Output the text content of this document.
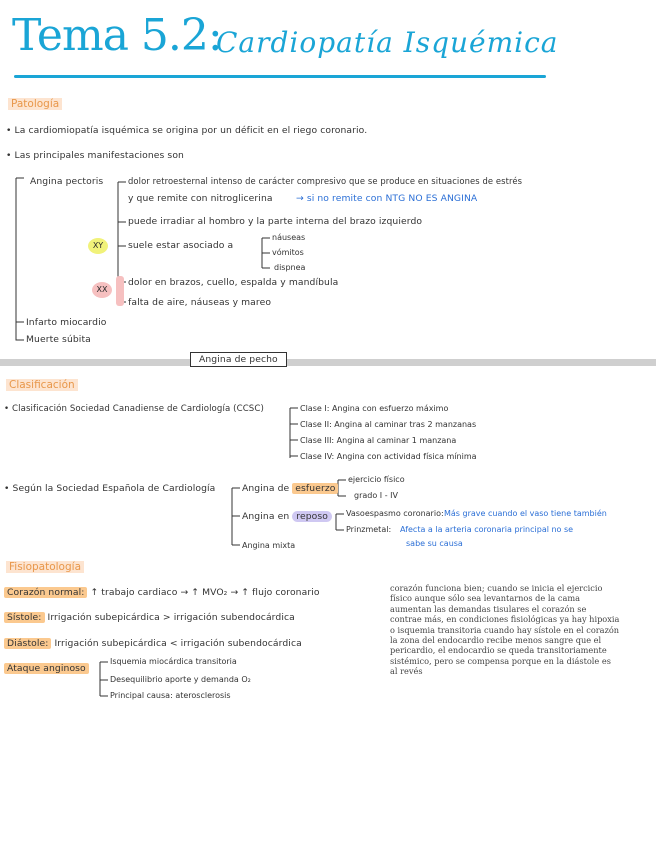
Tema 5.2:
Cardiopatía Isquémica
Patología
• La cardiomiopatía isquémica se origina por un déficit en el riego coronario.
• Las principales manifestaciones son
Angina pectoris	dolor retroesternal intenso de carácter compresivo que se produce en situaciones de estrés
y que remite con nitroglicerina	→ si no remite con NTG NO ES ANGINA
puede irradiar al hombro y la parte interna del brazo izquierdo
XY	suele estar asociado a
náuseas
vómitos
dispnea
XX
dolor en brazos, cuello, espalda y mandíbula
falta de aire, náuseas y mareo
Infarto miocardio
Muerte súbita
Angina de pecho
Clasificación
• Clasificación Sociedad Canadiense de Cardiología (CCSC)	Clase I: Angina con esfuerzo máximo
Clase II: Angina al caminar tras 2 manzanas
Clase III: Angina al caminar 1 manzana
Clase IV: Angina con actividad física mínima
• Según la Sociedad Española de Cardiología	Angina de esfuerzo
ejercicio físico
grado I - IV
Angina en reposo	Vasoespasmo coronario: Más grave cuando el vaso tiene también
Prinzmetal: Afecta a la arteria coronaria principal no se
sabe su causa
Angina mixta
Fisiopatología
Corazón normal: ↑ trabajo cardiaco → ↑ MVO₂ → ↑ flujo coronario
Sístole: Irrigación subepicárdica > irrigación subendocárdica
Diástole: Irrigación subepicárdica < irrigación subendocárdica
Ataque anginoso
Isquemia miocárdica transitoria
Desequilibrio aporte y demanda O₂
Principal causa: aterosclerosis
corazón funciona bien; cuando se inicia el ejercicio físico aunque sólo sea levantarnos de la cama aumentan las demandas tisulares el corazón se contrae más, en condiciones fisiológicas ya hay hipoxia o isquemia transitoria cuando hay sístole en el corazón la zona del endocardio recibe menos sangre que el pericardio, el endocardio se queda transitoriamente sistémico, pero se compensa porque en la diástole es al revés
